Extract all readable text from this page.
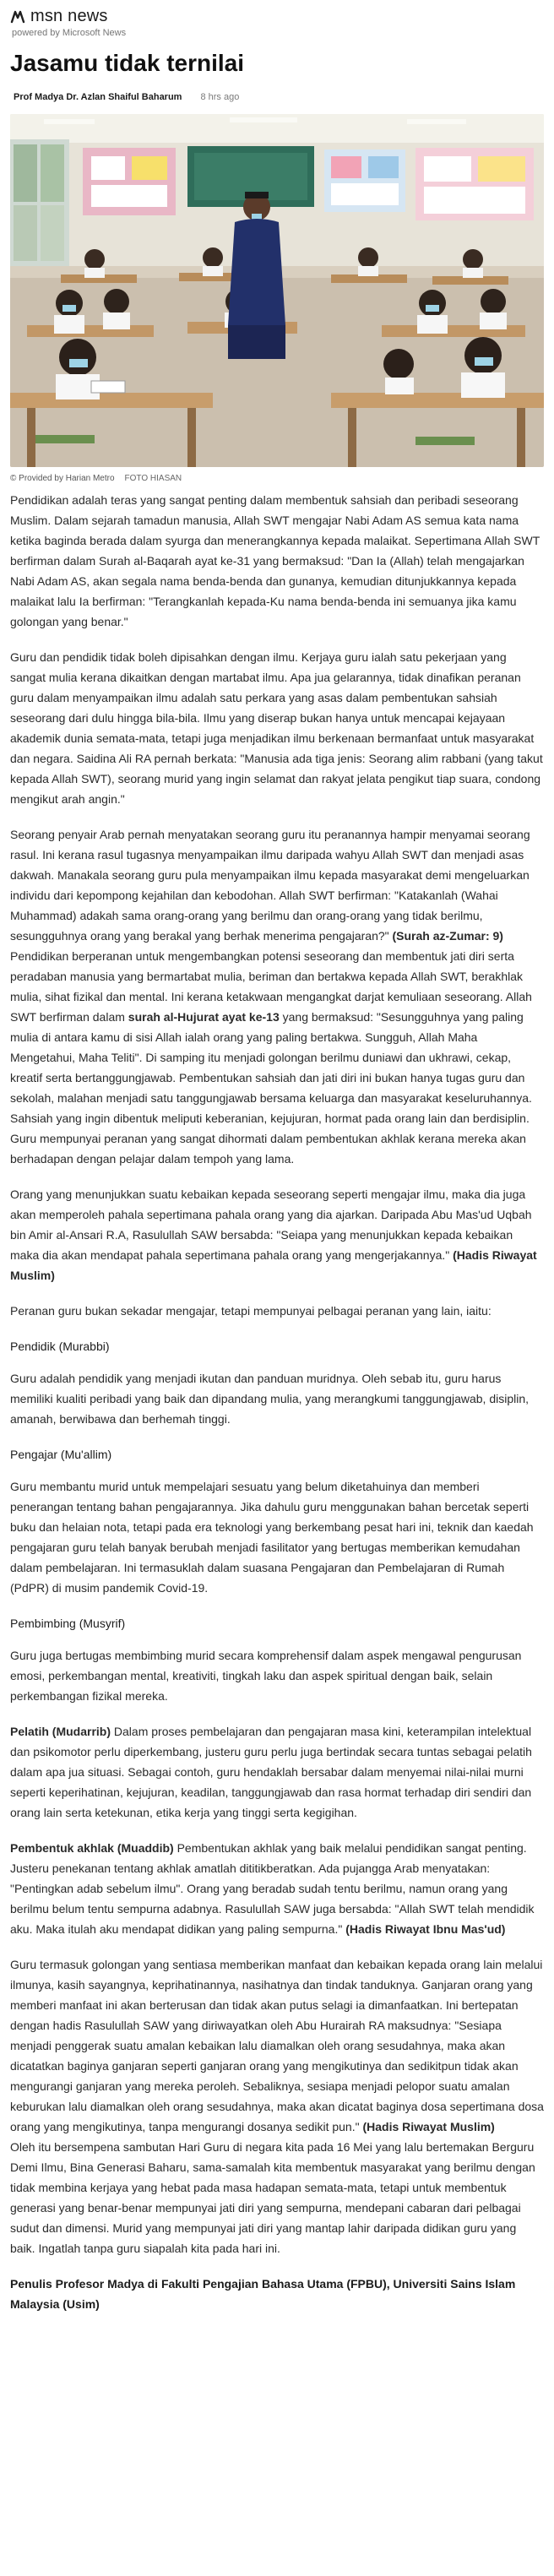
msn news
powered by Microsoft News
Jasamu tidak ternilai
Prof Madya Dr. Azlan Shaiful Baharum 8 hrs ago
© Provided by Harian Metro FOTO HIASAN

Pendidikan adalah teras yang sangat penting dalam membentuk sahsiah dan peribadi seseorang Muslim. Dalam sejarah tamadun manusia, Allah SWT mengajar Nabi Adam AS semua kata nama ketika baginda berada dalam syurga dan menerangkannya kepada malaikat. Sepertimana Allah SWT berfirman dalam Surah al-Baqarah ayat ke-31 yang bermaksud: "Dan Ia (Allah) telah mengajarkan Nabi Adam AS, akan segala nama benda-benda dan gunanya, kemudian ditunjukkannya kepada malaikat lalu Ia berfirman: "Terangkanlah kepada-Ku nama benda-benda ini semuanya jika kamu golongan yang benar."

Guru dan pendidik tidak boleh dipisahkan dengan ilmu. Kerjaya guru ialah satu pekerjaan yang sangat mulia kerana dikaitkan dengan martabat ilmu. Apa jua gelarannya, tidak dinafikan peranan guru dalam menyampaikan ilmu adalah satu perkara yang asas dalam pembentukan sahsiah seseorang dari dulu hingga bila-bila. Ilmu yang diserap bukan hanya untuk mencapai kejayaan akademik dunia semata-mata, tetapi juga menjadikan ilmu berkenaan bermanfaat untuk masyarakat dan negara. Saidina Ali RA pernah berkata: "Manusia ada tiga jenis: Seorang alim rabbani (yang takut kepada Allah SWT), seorang murid yang ingin selamat dan rakyat jelata pengikut tiap suara, condong mengikut arah angin."

Seorang penyair Arab pernah menyatakan seorang guru itu peranannya hampir menyamai seorang rasul. Ini kerana rasul tugasnya menyampaikan ilmu daripada wahyu Allah SWT dan menjadi asas dakwah. Manakala seorang guru pula menyampaikan ilmu kepada masyarakat demi mengeluarkan individu dari kepompong kejahilan dan kebodohan. Allah SWT berfirman: "Katakanlah (Wahai Muhammad) adakah sama orang-orang yang berilmu dan orang-orang yang tidak berilmu, sesungguhnya orang yang berakal yang berhak menerima pengajaran?" (Surah az-Zumar: 9)

Pendidikan berperanan untuk mengembangkan potensi seseorang dan membentuk jati diri serta peradaban manusia yang bermartabat mulia, beriman dan bertakwa kepada Allah SWT, berakhlak mulia, sihat fizikal dan mental. Ini kerana ketakwaan mengangkat darjat kemuliaan seseorang. Allah SWT berfirman dalam surah al-Hujurat ayat ke-13 yang bermaksud: "Sesungguhnya yang paling mulia di antara kamu di sisi Allah ialah orang yang paling bertakwa. Sungguh, Allah Maha Mengetahui, Maha Teliti". Di samping itu menjadi golongan berilmu duniawi dan ukhrawi, cekap, kreatif serta bertanggungjawab. Pembentukan sahsiah dan jati diri ini bukan hanya tugas guru dan sekolah, malahan menjadi satu tanggungjawab bersama keluarga dan masyarakat keseluruhannya. Sahsiah yang ingin dibentuk meliputi keberanian, kejujuran, hormat pada orang lain dan berdisiplin. Guru mempunyai peranan yang sangat dihormati dalam pembentukan akhlak kerana mereka akan berhadapan dengan pelajar dalam tempoh yang lama.

Orang yang menunjukkan suatu kebaikan kepada seseorang seperti mengajar ilmu, maka dia juga akan memperoleh pahala sepertimana pahala orang yang dia ajarkan. Daripada Abu Mas'ud Uqbah bin Amir al-Ansari R.A, Rasulullah SAW bersabda: "Seiapa yang menunjukkan kepada kebaikan maka dia akan mendapat pahala sepertimana pahala orang yang mengerjakannya." (Hadis Riwayat Muslim)

Peranan guru bukan sekadar mengajar, tetapi mempunyai pelbagai peranan yang lain, iaitu:

Pendidik (Murabbi)

Guru adalah pendidik yang menjadi ikutan dan panduan muridnya. Oleh sebab itu, guru harus memiliki kualiti peribadi yang baik dan dipandang mulia, yang merangkumi tanggungjawab, disiplin, amanah, berwibawa dan berhemah tinggi.

Pengajar (Mu'allim)

Guru membantu murid untuk mempelajari sesuatu yang belum diketahuinya dan memberi penerangan tentang bahan pengajarannya. Jika dahulu guru menggunakan bahan bercetak seperti buku dan helaian nota, tetapi pada era teknologi yang berkembang pesat hari ini, teknik dan kaedah pengajaran guru telah banyak berubah menjadi fasilitator yang bertugas memberikan kemudahan dalam pembelajaran. Ini termasuklah dalam suasana Pengajaran dan Pembelajaran di Rumah (PdPR) di musim pandemik Covid-19.

Pembimbing (Musyrif)

Guru juga bertugas membimbing murid secara komprehensif dalam aspek mengawal pengurusan emosi, perkembangan mental, kreativiti, tingkah laku dan aspek spiritual dengan baik, selain perkembangan fizikal mereka.

Pelatih (Mudarrib) Dalam proses pembelajaran dan pengajaran masa kini, keterampilan intelektual dan psikomotor perlu diperkembang, justeru guru perlu juga bertindak secara tuntas sebagai pelatih dalam apa jua situasi. Sebagai contoh, guru hendaklah bersabar dalam menyemai nilai-nilai murni seperti keperihatinan, kejujuran, keadilan, tanggungjawab dan rasa hormat terhadap diri sendiri dan orang lain serta ketekunan, etika kerja yang tinggi serta kegigihan.

Pembentuk akhlak (Muaddib) Pembentukan akhlak yang baik melalui pendidikan sangat penting. Justeru penekanan tentang akhlak amatlah dititikberatkan. Ada pujangga Arab menyatakan: "Pentingkan adab sebelum ilmu". Orang yang beradab sudah tentu berilmu, namun orang yang berilmu belum tentu sempurna adabnya. Rasulullah SAW juga bersabda: "Allah SWT telah mendidik aku. Maka itulah aku mendapat didikan yang paling sempurna." (Hadis Riwayat Ibnu Mas'ud)

Guru termasuk golongan yang sentiasa memberikan manfaat dan kebaikan kepada orang lain melalui ilmunya, kasih sayangnya, keprihatinannya, nasihatnya dan tindak tanduknya. Ganjaran orang yang memberi manfaat ini akan berterusan dan tidak akan putus selagi ia dimanfaatkan. Ini bertepatan dengan hadis Rasulullah SAW yang diriwayatkan oleh Abu Hurairah RA maksudnya: "Sesiapa menjadi penggerak suatu amalan kebaikan lalu diamalkan oleh orang sesudahnya, maka akan dicatatkan baginya ganjaran seperti ganjaran orang yang mengikutinya dan sedikitpun tidak akan mengurangi ganjaran yang mereka peroleh. Sebaliknya, sesiapa menjadi pelopor suatu amalan keburukan lalu diamalkan oleh orang sesudahnya, maka akan dicatat baginya dosa sepertimana dosa orang yang mengikutinya, tanpa mengurangi dosanya sedikit pun." (Hadis Riwayat Muslim)

Oleh itu bersempena sambutan Hari Guru di negara kita pada 16 Mei yang lalu bertemakan Berguru Demi Ilmu, Bina Generasi Baharu, sama-samalah kita membentuk masyarakat yang berilmu dengan tidak membina kerjaya yang hebat pada masa hadapan semata-mata, tetapi untuk membentuk generasi yang benar-benar mempunyai jati diri yang sempurna, mendepani cabaran dari pelbagai sudut dan dimensi. Murid yang mempunyai jati diri yang mantap lahir daripada didikan guru yang baik. Ingatlah tanpa guru siapalah kita pada hari ini.

Penulis Profesor Madya di Fakulti Pengajian Bahasa Utama (FPBU), Universiti Sains Islam Malaysia (Usim)
